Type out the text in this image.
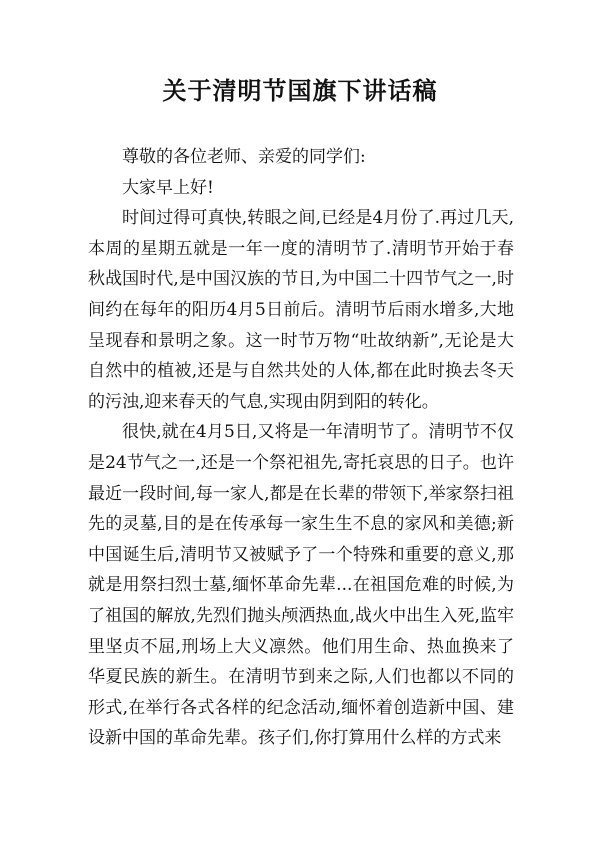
关于清明节国旗下讲话稿

尊敬的各位老师、亲爱的同学们:

大家早上好!

时间过得可真快,转眼之间,已经是4月份了.再过几天,本周的星期五就是一年一度的清明节了.清明节开始于春秋战国时代,是中国汉族的节日,为中国二十四节气之一,时间约在每年的阳历4月5日前后。清明节后雨水增多,大地呈现春和景明之象。这一时节万物“吐故纳新”,无论是大自然中的植被,还是与自然共处的人体,都在此时换去冬天的污浊,迎来春天的气息,实现由阴到阳的转化。

很快,就在4月5日,又将是一年清明节了。清明节不仅是24节气之一,还是一个祭祀祖先,寄托哀思的日子。也许最近一段时间,每一家人,都是在长辈的带领下,举家祭扫祖先的灵墓,目的是在传承每一家生生不息的家风和美德;新中国诞生后,清明节又被赋予了一个特殊和重要的意义,那就是用祭扫烈士墓,缅怀革命先辈...在祖国危难的时候,为了祖国的解放,先烈们抛头颅洒热血,战火中出生入死,监牢里坚贞不屈,刑场上大义凛然。他们用生命、热血换来了华夏民族的新生。在清明节到来之际,人们也都以不同的形式,在举行各式各样的纪念活动,缅怀着创造新中国、建设新中国的革命先辈。孩子们,你打算用什么样的方式来
